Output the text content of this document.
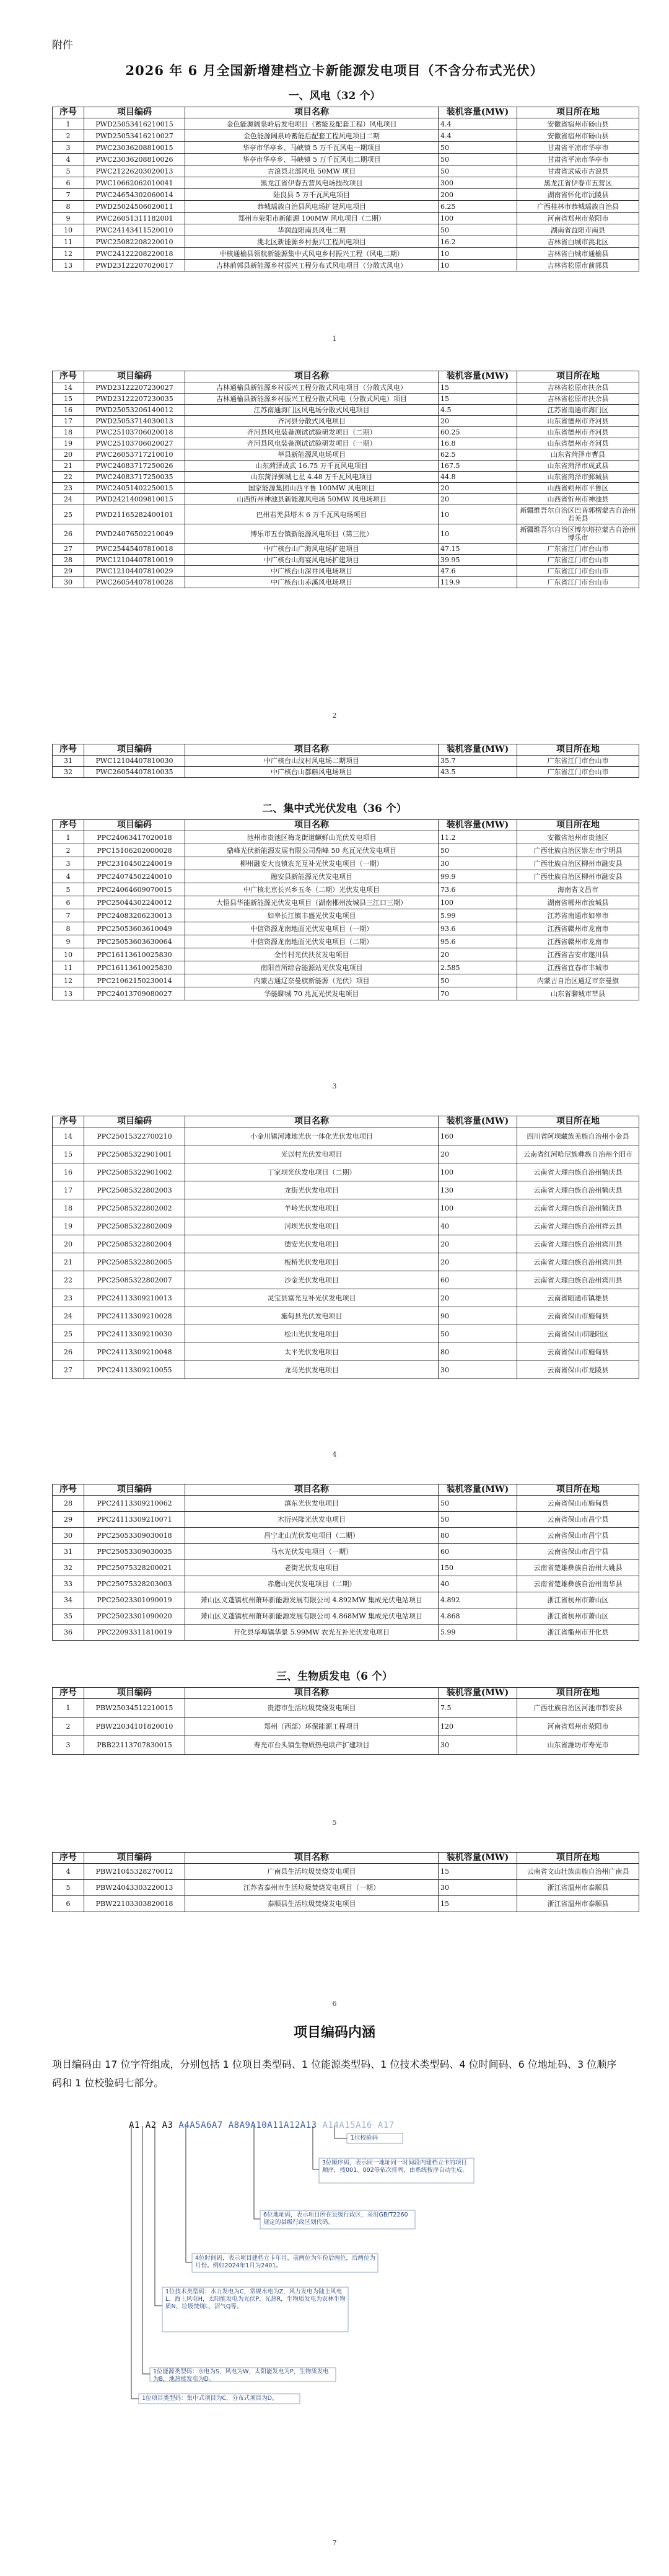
附件
2026 年 6 月全国新增建档立卡新能源发电项目（不含分布式光伏）
一、风电（32 个）
序号	项目编码	项目名称	装机容量(MW)	项目所在地
1	PWD25053416210015	金色能源阔泉岭后发电项目（蓄能及配套工程）风电项目	4.4	安徽省宿州市砀山县
2	PWD25053416210027	金色能源阔泉岭蓄能后配套工程风电项目二期	4.4	安徽省宿州市砀山县
3	PWC23036208810015	华亭市华亭乡、马峡镇 5 万千瓦风电一期项目	50	甘肃省平凉市华亭市
4	PWC23036208810026	华亭市华亭乡、马峡镇 5 万千瓦风电二期项目	50	甘肃省平凉市华亭市
5	PWC21226203020013	古浪县北部风电 50MW 项目	50	甘肃省武威市古浪县
6	PWC10662062010041	黑龙江省伊春五营风电场技改项目	300	黑龙江省伊春市五营区
7	PWC24654302060014	陆良县 5 万千瓦风电项目	200	湖南省怀化市沅陵县
8	PWD25024506020011	恭城瑶族自治县风电场扩建风电项目	6.25	广西桂林市恭城瑶族自治县
9	PWC26051311182001	郑州市荥阳市新能源 100MW 风电项目（二期）	100	河南省郑州市荥阳市
10	PWC24143411520010	华润益阳南县风电二期	50	湖南省益阳市南县
11	PWC25082208220010	洮北区新能源乡村振兴工程风电项目	16.2	吉林省白城市洮北区
12	PWC24122208220018	中核通榆县领航新能源集中式风电乡村振兴工程（风电二期）	10	吉林省白城市通榆县
13	PWD23122207020017	吉林前郭县新能源乡村振兴工程分布式风电项目（分散式风电）	10	吉林省松原市前郭县
1
序号	项目编码	项目名称	装机容量(MW)	项目所在地
14	PWD23122207230027	吉林通榆县新能源乡村振兴工程分散式风电项目（分散式风电）	15	吉林省松原市扶余县
15	PWD23122207230035	吉林通榆县新能源乡村振兴工程分散式风电（分散式风电）项目	15	吉林省松原市扶余县
16	PWD25053206140012	江苏南通海门区风电场分散式风电项目	4.5	江苏省南通市海门区
17	PWD25053714030013	齐河县分散式风电项目	20	山东省德州市齐河县
18	PWC25103706020018	齐河县风电装备测试试验研发项目（二期）	60.25	山东省德州市齐河县
19	PWC25103706020027	齐河县风电装备测试试验研发项目（一期）	16.8	山东省德州市齐河县
20	PWC26053717210010	莘县新能源风电场项目	62.5	山东省菏泽市曹县
21	PWC24083717250026	山东菏泽成武 16.75 万千瓦风电项目	167.5	山东省菏泽市成武县
22	PWC24083717250035	山东菏泽鄄城七星 4.48 万千瓦风电项目	44.8	山东省菏泽市鄄城县
23	PWC24051402250015	国家能源集团山西平鲁 100MW 风电项目	20	山西省朔州市平鲁区
24	PWD24214009810015	山西忻州神池县新能源风电场 50MW 风电场项目	20	山西省忻州市神池县
25	PWD21165282400101	巴州若羌县塔木 6 万千瓦风电场项目	10	新疆维吾尔自治区巴音郭楞蒙古自治州若羌县
26	PWD24076502210049	博乐市五台镇新能源风电项目（第三批）	10	新疆维吾尔自治区博尔塔拉蒙古自治州博乐市
27	PWC25445407810018	中广核台山广海风电场扩建项目	47.15	广东省江门市台山市
28	PWC12104407810019	中广核台山海宴风电场扩建项目	39.95	广东省江门市台山市
29	PWC12104407810029	中广核台山深井风电场项目	47.6	广东省江门市台山市
30	PWC26054407810028	中广核台山赤溪风电场项目	119.9	广东省江门市台山市
2
序号	项目编码	项目名称	装机容量(MW)	项目所在地
31	PWC12104407810030	中广核台山汶村风电场二期项目	35.7	广东省江门市台山市
32	PWC26054407810035	中广核台山都斛风电场项目	43.5	广东省江门市台山市
二、集中式光伏发电（36 个）
序号	项目编码	项目名称	装机容量(MW)	项目所在地
1	PPC24063417020018	池州市贵池区梅龙街道鳜鲜山光伏发电项目	11.2	安徽省池州市贵池区
2	PPC15106202000028	鼎峰光伏新能源发展有限公司鼎峰 50 兆瓦光伏发电项目	50	广西壮族自治区崇左市宁明县
3	PPC23104502240019	柳州融安大良镇农光互补光伏发电项目（一期）	30	广西壮族自治区柳州市融安县
4	PPC24074502240010	融安县新能源光伏发电项目	99.9	广西壮族自治区柳州市融安县
5	PPC24064609070015	中广核北京长兴乡五冬（二期）光伏发电项目	73.6	海南省文昌市
6	PPC25044302240012	大悟县华能新能源光伏发电项目（湖南郴州汝城县三江口三期）	100	湖南省郴州市汝城县
7	PPC24083206230013	如皋长江镇丰盛光伏发电项目	5.99	江苏省南通市如皋市
8	PPC25053603610049	中信资源龙南地面光伏发电项目（一期）	93.6	江西省赣州市龙南市
9	PPC25053603630064	中信资源龙南地面光伏发电项目（二期）	95.6	江西省赣州市龙南市
10	PPC16113610025830	金竹村光伏扶贫发电项目	20	江西省吉安市遂川县
11	PPC16113610025830	南阳首所综合能源站光伏发电项目	2.585	江西省宜春市丰城市
12	PPC21062150230014	内蒙古通辽奈曼旗新能源（光伏）项目	50	内蒙古自治区通辽市奈曼旗
13	PPC24013709080027	华能聊城 70 兆瓦光伏发电项目	70	山东省聊城市莘县
3
序号	项目编码	项目名称	装机容量(MW)	项目所在地
14	PPC25015322700210	小金川镇河滩地光伏一体化光伏发电项目	160	四川省阿坝藏族羌族自治州小金县
15	PPC25085322901001	光以村光伏发电项目	20	云南省红河哈尼族彝族自治州个旧市
16	PPC25085322901002	丁家坝光伏发电项目（二期）	100	云南省大理白族自治州鹤庆县
17	PPC25085322802003	龙街光伏发电项目	130	云南省大理白族自治州鹤庆县
18	PPC25085322802002	羊岭光伏发电项目	100	云南省大理白族自治州鹤庆县
19	PPC25085322802009	河坝光伏发电项目	40	云南省大理白族自治州祥云县
20	PPC25085322802004	德安光伏发电项目	20	云南省大理白族自治州宾川县
21	PPC25085322802005	板桥光伏发电项目	20	云南省大理白族自治州宾川县
22	PPC25085322802007	沙金光伏发电项目	60	云南省大理白族自治州宾川县
23	PPC24113309210013	灵宝县富光互补光伏发电项目	20	云南省昭通市镇雄县
24	PPC24113309210028	施甸县光伏发电项目	90	云南省保山市施甸县
25	PPC24113309210030	松山光伏发电项目	50	云南省保山市隆阳区
26	PPC24113309210048	太平光伏发电项目	80	云南省保山市施甸县
27	PPC24113309210055	龙马光伏发电项目	30	云南省保山市龙陵县
4
序号	项目编码	项目名称	装机容量(MW)	项目所在地
28	PPC24113309210062	滇东光伏发电项目	50	云南省保山市施甸县
29	PPC24113309210071	木衍兴隆光伏发电项目	50	云南省保山市昌宁县
30	PPC25053309030018	昌宁北山光伏发电项目（二期）	80	云南省保山市昌宁县
31	PPC25053309030035	马水光伏发电项目（一期）	60	云南省保山市昌宁县
32	PPC25075328200021	老街光伏发电项目	150	云南省楚雄彝族自治州大姚县
33	PPC25075328203003	赤鹰山光伏发电项目（二期）	40	云南省楚雄彝族自治州南华县
34	PPC25023301090019	萧山区义蓬镇杭州萧环新能源发展有限公司 4.892MW 集成光伏电站项目	4.892	浙江省杭州市萧山区
35	PPC25023301090020	萧山区义蓬镇杭州萧环新能源发展有限公司 4.868MW 集成光伏电站项目	4.868	浙江省杭州市萧山区
36	PPC22093311810019	开化县华埠镇华景 5.99MW 农光互补光伏发电项目	5.99	浙江省衢州市开化县
三、生物质发电（6 个）
序号	项目编码	项目名称	装机容量(MW)	项目所在地
1	PBW25034512210015	贵港市生活垃圾焚烧发电项目	7.5	广西壮族自治区河池市都安县
2	PBW22034101820010	郑州（西部）环保能源工程项目	120	河南省郑州市荥阳市
3	PBB22113707830015	寿光市台头镇生物质热电联产扩建项目	30	山东省潍坊市寿光市
5
序号	项目编码	项目名称	装机容量(MW)	项目所在地
4	PBW21045328270012	广南县生活垃圾焚烧发电项目	15	云南省文山壮族苗族自治州广南县
5	PBW24043303220013	江苏省泰州市生活垃圾焚烧发电项目（一期）	30	浙江省温州市泰顺县
6	PBW22103303820018	泰顺县生活垃圾焚烧发电项目	15	浙江省温州市泰顺县
6
项目编码内涵
项目编码由 17 位字符组成，分别包括 1 位项目类型码、1 位能源类型码、1 位技术类型码、4 位时间码、6 位地址码、3 位顺序码和 1 位校验码七部分。
A1 A2 A3 A4A5A6A7 A8A9A10A11A12A13 A14A15A16 A17
1位校验码
3位顺序码，表示同一地址同一时间段内建档立卡的项目顺序，按001、002等依次排列，由系统按序自动生成。
6位地址码，表示项目所在县级行政区，采用GB/T2260规定的县级行政区划代码。
4位时间码，表示项目建档立卡年月，前两位为年份后两位，后两位为月份。例如2024年1月为2401。
1位技术类型码：水力发电为C，常规水电为Z，风力发电为陆上风电L、海上风电H，太阳能发电为光伏P、光热R，生物质发电为农林生物质N、垃圾焚烧L、沼气Q等。
1位能源类型码：水电为S，风电为W，太阳能发电为P，生物质发电为B，地热能发电为D。
1位项目类型码：集中式项目为C，分布式项目为D。
7
